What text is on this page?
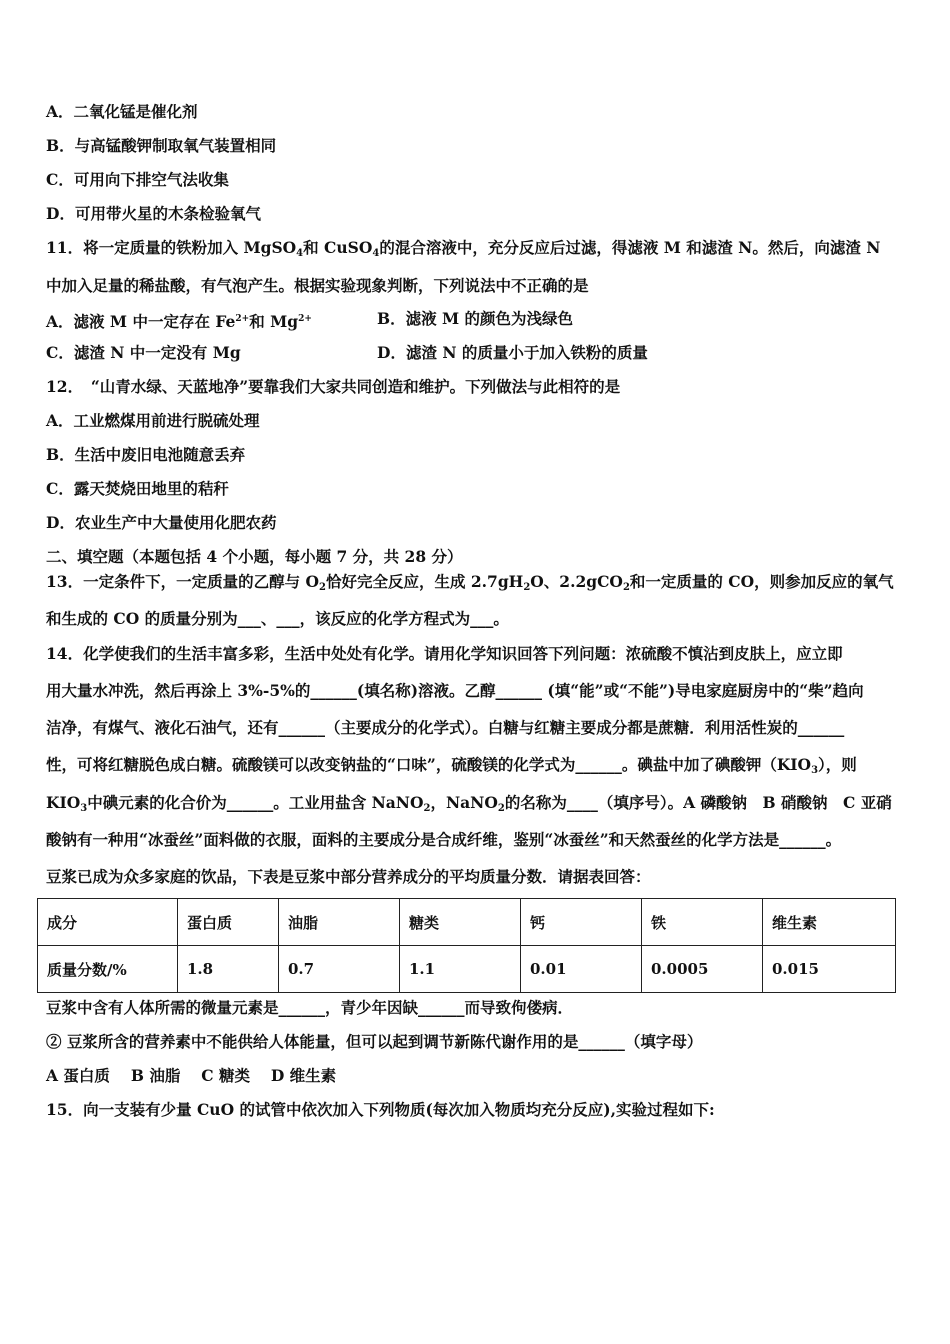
A．二氧化锰是催化剂
B．与高锰酸钾制取氧气装置相同
C．可用向下排空气法收集
D．可用带火星的木条检验氧气
11．将一定质量的铁粉加入 MgSO$_4$和 CuSO$_4$的混合溶液中，充分反应后过滤，得滤液 M 和滤渣 N。然后，向滤渣 N
中加入足量的稀盐酸，有气泡产生。根据实验现象判断，下列说法中不正确的是
A．滤液 M 中一定存在 $Fe^{2+}$和 $Mg^{2+}$	B．滤液 M 的颜色为浅绿色
C．滤渣 N 中一定没有 Mg	D．滤渣 N 的质量小于加入铁粉的质量
12．　“山青水绿、天蓝地净”要靠我们大家共同创造和维护。下列做法与此相符的是
A．工业燃煤用前进行脱硫处理
B．生活中废旧电池随意丢弃
C．露天焚烧田地里的秸秆
D．农业生产中大量使用化肥农药
二、填空题（本题包括 4 个小题，每小题 7 分，共 28 分）
13．一定条件下，一定质量的乙醇与 $O_2$恰好完全反应，生成 $2.7gH_2O$、2.2gCO$_2$和一定质量的 CO，则参加反应的氧气
和生成的 CO 的质量分别为___、___，该反应的化学方程式为___。
14．化学使我们的生活丰富多彩，生活中处处有化学。请用化学知识回答下列问题：浓硫酸不慎沾到皮肤上，应立即
用大量水冲洗，然后再涂上 3%-5%的______(填名称)溶液。乙醇______ (填“能”或“不能”)导电家庭厨房中的“柴”趋向
洁净，有煤气、液化石油气，还有______（主要成分的化学式）。白糖与红糖主要成分都是蔗糖．利用活性炭的______
性，可将红糖脱色成白糖。硫酸镁可以改变钠盐的“口味”，硫酸镁的化学式为______。碘盐中加了碘酸钾$(KIO_3)$，则
$KIO_3$中碘元素的化合价为______。工业用盐含 NaNO$_2$，NaNO$_2$的名称为____（填序号）。A 磷酸钠　B 硝酸钠　C 亚硝
酸钠有一种用“冰蚕丝”面料做的衣服，面料的主要成分是合成纤维，鉴别“冰蚕丝”和天然蚕丝的化学方法是______。
豆浆已成为众多家庭的饮品，下表是豆浆中部分营养成分的平均质量分数．请据表回答：
成分	蛋白质	油脂	糖类	钙	铁	维生素
质量分数/%	1.8	0.7	1.1	0.01	0.0005	0.015
豆浆中含有人体所需的微量元素是______，青少年因缺______而导致佝偻病．
② 豆浆所含的营养素中不能供给人体能量，但可以起到调节新陈代谢作用的是______（填字母）
A 蛋白质　 B 油脂　 C 糖类　 D 维生素
15．向一支装有少量 CuO 的试管中依次加入下列物质(每次加入物质均充分反应),实验过程如下:
